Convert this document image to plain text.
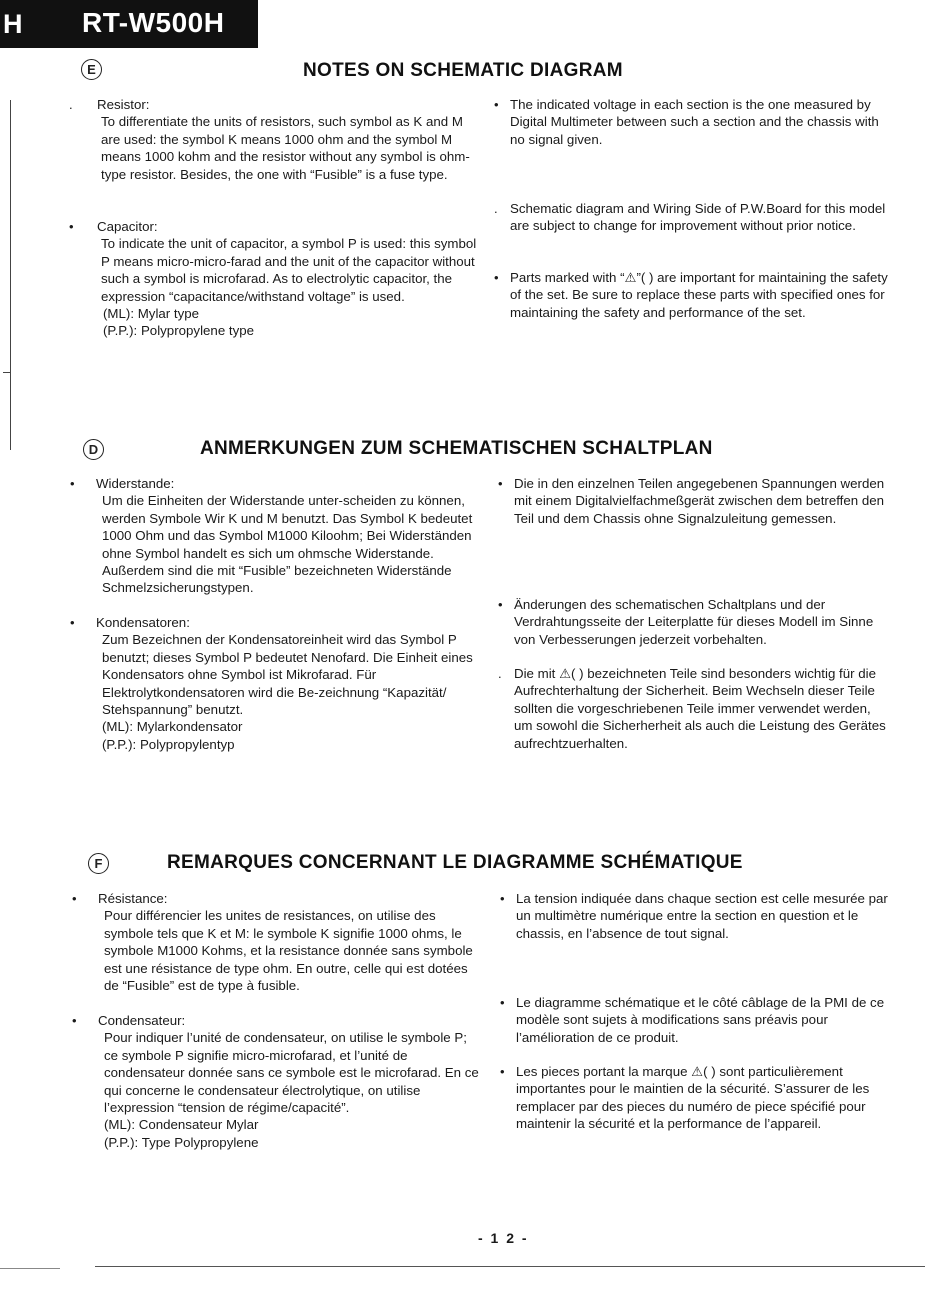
H RT-W500H
E	NOTES ON SCHEMATIC DIAGRAM
.	Resistor:
To differentiate the units of resistors, such symbol as K and M are used: the symbol K means 1000 ohm and the symbol M means 1000 kohm and the resistor without any symbol is ohm-type resistor. Besides, the one with “Fusible” is a fuse type.
•	Capacitor:
To indicate the unit of capacitor, a symbol P is used: this symbol P means micro-micro-farad and the unit of the capacitor without such a symbol is microfarad. As to electrolytic capacitor, the expression “capacitance/withstand voltage” is used.
(ML): Mylar type
(P.P.): Polypropylene type
• The indicated voltage in each section is the one measured by Digital Multimeter between such a section and the chassis with no signal given.
. Schematic diagram and Wiring Side of P.W.Board for this model are subject to change for improvement without prior notice.
• Parts marked with “⚠”( ) are important for maintaining the safety of the set. Be sure to replace these parts with specified ones for maintaining the safety and performance of the set.
D	ANMERKUNGEN ZUM SCHEMATISCHEN SCHALTPLAN
•	Widerstande:
Um die Einheiten der Widerstande unter-scheiden zu können, werden Symbole Wir K und M benutzt. Das Symbol K bedeutet 1000 Ohm und das Symbol M1000 Kiloohm; Bei Widerständen ohne Symbol handelt es sich um ohmsche Widerstande. Außerdem sind die mit “Fusible” bezeichneten Widerstände Schmelzsicherungstypen.
•	Kondensatoren:
Zum Bezeichnen der Kondensatoreinheit wird das Symbol P benutzt; dieses Symbol P bedeutet Nenofard. Die Einheit eines Kondensators ohne Symbol ist Mikrofarad. Für Elektrolytkondensatoren wird die Be-zeichnung “Kapazität/ Stehspannung” benutzt.
(ML): Mylarkondensator
(P.P.): Polypropylentyp
• Die in den einzelnen Teilen angegebenen Spannungen werden mit einem Digitalvielfachmeßgerät zwischen dem betreffen den Teil und dem Chassis ohne Signalzuleitung gemessen.
• Änderungen des schematischen Schaltplans und der Verdrahtungsseite der Leiterplatte für dieses Modell im Sinne von Verbesserungen jederzeit vorbehalten.
. Die mit ⚠( ) bezeichneten Teile sind besonders wichtig für die Aufrechterhaltung der Sicherheit. Beim Wechseln dieser Teile sollten die vorgeschriebenen Teile immer verwendet werden, um sowohl die Sicherherheit als auch die Leistung des Gerätes aufrechtzuerhalten.
F	REMARQUES CONCERNANT LE DIAGRAMME SCHÉMATIQUE
•	Résistance:
Pour différencier les unites de resistances, on utilise des symbole tels que K et M: le symbole K signifie 1000 ohms, le symbole M1000 Kohms, et la resistance donnée sans symbole est une résistance de type ohm. En outre, celle qui est dotées de “Fusible” est de type à fusible.
•	Condensateur:
Pour indiquer l’unité de condensateur, on utilise le symbole P; ce symbole P signifie micro-microfarad, et l’unité de condensateur donnée sans ce symbole est le microfarad. En ce qui concerne le condensateur électrolytique, on utilise l’expression “tension de régime/capacité”.
(ML): Condensateur Mylar
(P.P.): Type Polypropylene
• La tension indiquée dans chaque section est celle mesurée par un multimètre numérique entre la section en question et le chassis, en l’absence de tout signal.
• Le diagramme schématique et le côté câblage de la PMI de ce modèle sont sujets à modifications sans préavis pour l’amélioration de ce produit.
• Les pieces portant la marque ⚠( ) sont particulièrement importantes pour le maintien de la sécurité. S’assurer de les remplacer par des pieces du numéro de piece spécifié pour maintenir la sécurité et la performance de l’appareil.
- 1 2 -
